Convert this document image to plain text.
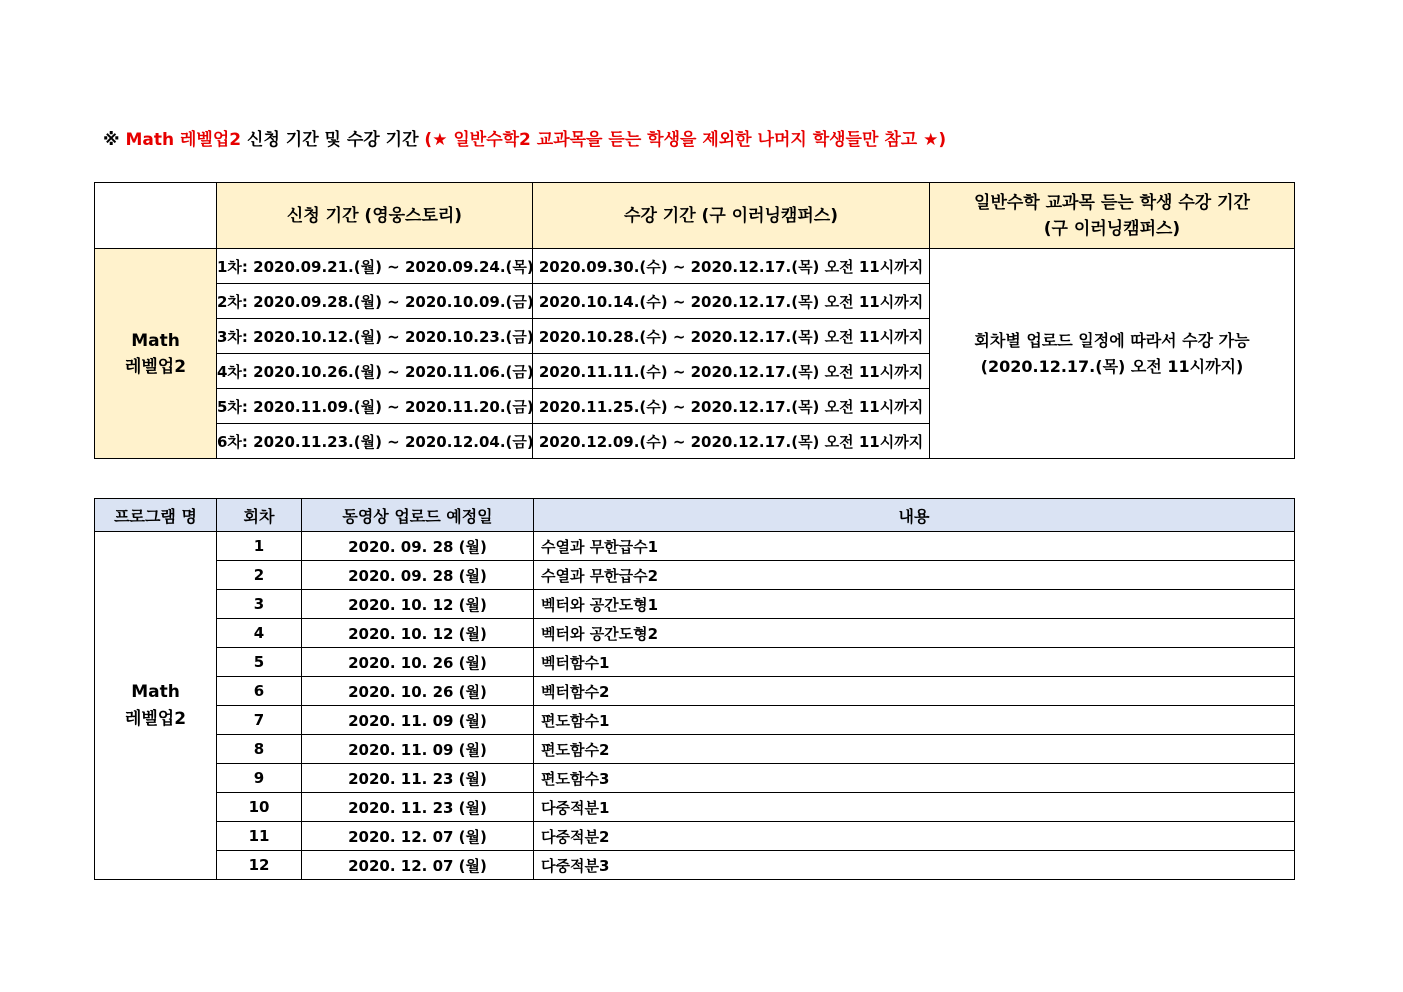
※ Math 레벨업2 신청 기간 및 수강 기간 (★ 일반수학2 교과목을 듣는 학생을 제외한 나머지 학생들만 참고 ★)
	신청 기간 (영웅스토리)	수강 기간 (구 이러닝캠퍼스)	일반수학 교과목 듣는 학생 수강 기간
(구 이러닝캠퍼스)
Math
레벨업2	1차: 2020.09.21.(월) ~ 2020.09.24.(목)	2020.09.30.(수) ~ 2020.12.17.(목) 오전 11시까지	회차별 업로드 일정에 따라서 수강 가능
(2020.12.17.(목) 오전 11시까지)
	2차: 2020.09.28.(월) ~ 2020.10.09.(금)	2020.10.14.(수) ~ 2020.12.17.(목) 오전 11시까지	
	3차: 2020.10.12.(월) ~ 2020.10.23.(금)	2020.10.28.(수) ~ 2020.12.17.(목) 오전 11시까지	
	4차: 2020.10.26.(월) ~ 2020.11.06.(금)	2020.11.11.(수) ~ 2020.12.17.(목) 오전 11시까지	
	5차: 2020.11.09.(월) ~ 2020.11.20.(금)	2020.11.25.(수) ~ 2020.12.17.(목) 오전 11시까지	
	6차: 2020.11.23.(월) ~ 2020.12.04.(금)	2020.12.09.(수) ~ 2020.12.17.(목) 오전 11시까지	
프로그램 명	회차	동영상 업로드 예정일	내용
Math
레벨업2	1	2020. 09. 28 (월)	수열과 무한급수1
	2	2020. 09. 28 (월)	수열과 무한급수2
	3	2020. 10. 12 (월)	벡터와 공간도형1
	4	2020. 10. 12 (월)	벡터와 공간도형2
	5	2020. 10. 26 (월)	벡터함수1
	6	2020. 10. 26 (월)	벡터함수2
	7	2020. 11. 09 (월)	편도함수1
	8	2020. 11. 09 (월)	편도함수2
	9	2020. 11. 23 (월)	편도함수3
	10	2020. 11. 23 (월)	다중적분1
	11	2020. 12. 07 (월)	다중적분2
	12	2020. 12. 07 (월)	다중적분3
